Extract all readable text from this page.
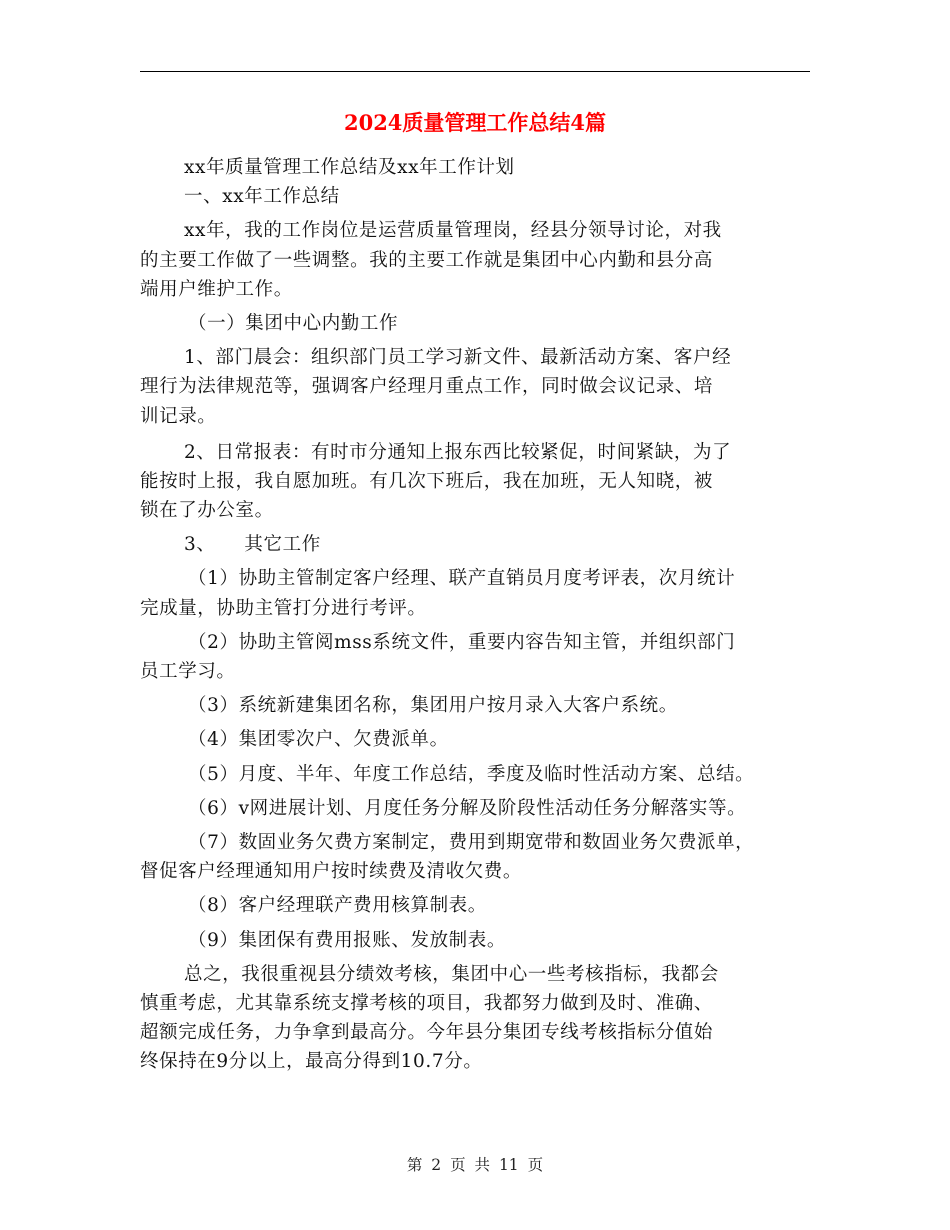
2024质量管理工作总结4篇
xx年质量管理工作总结及xx年工作计划
一、xx年工作总结
xx年，我的工作岗位是运营质量管理岗，经县分领导讨论，对我
的主要工作做了一些调整。我的主要工作就是集团中心内勤和县分高
端用户维护工作。
（一）集团中心内勤工作
1、部门晨会：组织部门员工学习新文件、最新活动方案、客户经
理行为法律规范等，强调客户经理月重点工作，同时做会议记录、培
训记录。
2、日常报表：有时市分通知上报东西比较紧促，时间紧缺，为了
能按时上报，我自愿加班。有几次下班后，我在加班，无人知晓，被
锁在了办公室。
3、　　其它工作
（1）协助主管制定客户经理、联产直销员月度考评表，次月统计
完成量，协助主管打分进行考评。
（2）协助主管阅mss系统文件，重要内容告知主管，并组织部门
员工学习。
（3）系统新建集团名称，集团用户按月录入大客户系统。
（4）集团零次户、欠费派单。
（5）月度、半年、年度工作总结，季度及临时性活动方案、总结。
（6）v网进展计划、月度任务分解及阶段性活动任务分解落实等。
（7）数固业务欠费方案制定，费用到期宽带和数固业务欠费派单，
督促客户经理通知用户按时续费及清收欠费。
（8）客户经理联产费用核算制表。
（9）集团保有费用报账、发放制表。
总之，我很重视县分绩效考核，集团中心一些考核指标，我都会
慎重考虑，尤其靠系统支撑考核的项目，我都努力做到及时、准确、
超额完成任务，力争拿到最高分。今年县分集团专线考核指标分值始
终保持在9分以上，最高分得到10.7分。
第 2 页 共 11 页
